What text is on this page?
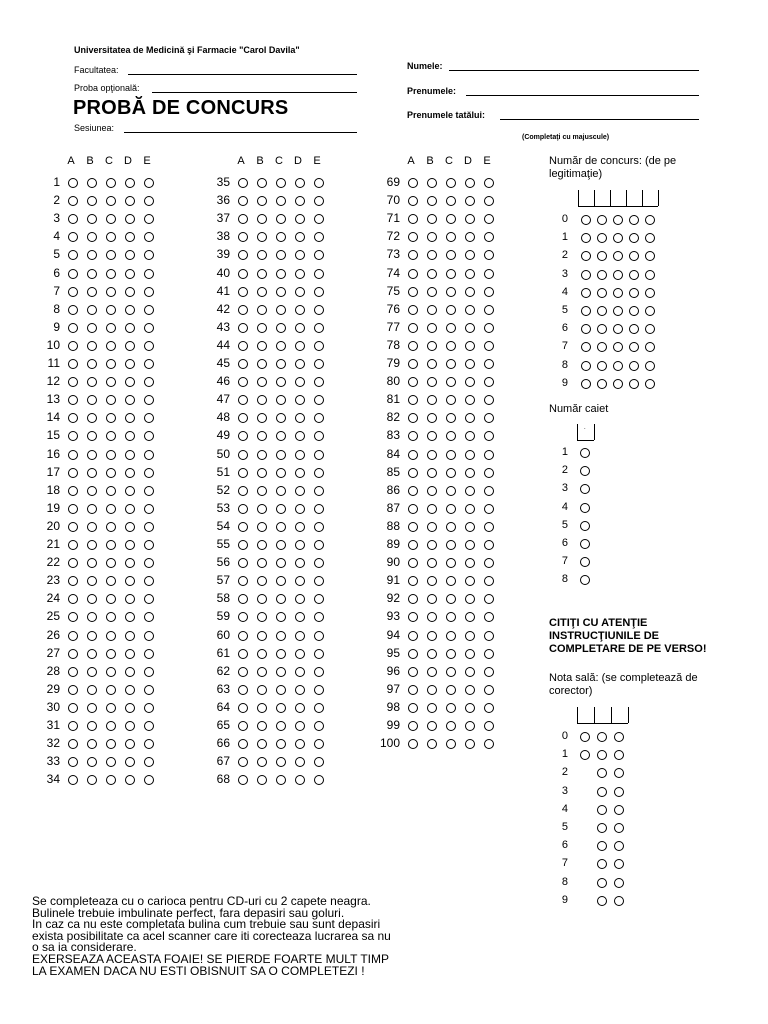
Universitatea de Medicină şi Farmacie "Carol Davila"
Facultatea:
Proba opţională:
PROBĂ DE CONCURS
Sesiunea:
Numele:
Prenumele:
Prenumele tatălui:
(Completaţi cu majuscule)
A	B	C D	E
1
2
3
4
5
6
7
8
9
10
11
12
13
14
15
16
17
18
19
20
21
22
23
24
25
26
27
28
29
30
31
32
33
34
A	B	C D	E
35
36
37
38
39
40
41
42
43
44
45
46
47
48
49
50
51
52
53
54
55
56
57
58
59
60
61
62
63
64
65
66
67
68
A	B	C D	E
69
70
71
72
73
74
75
76
77
78
79
80
81
82
83
84
85
86
87
88
89
90
91
92
93
94
95
96
97
98
99
100
Număr de concurs: (de pe legitimaţie)
0
1
2
3
4
5
6
7
8
9
Număr caiet
.
1
2
3
4
5
6
7
8
CITIŢI CU ATENŢIE INSTRUCŢIUNILE DE COMPLETARE DE PE VERSO!
Nota sală: (se completează de corector)
0
1
2
3
4
5
6
7
8
9
Se completeaza cu o carioca pentru CD-uri cu 2 capete neagra.
Bulinele trebuie imbulinate perfect, fara depasiri sau goluri.
In caz ca nu este completata bulina cum trebuie sau sunt depasiri
exista posibilitate ca acel scanner care iti corecteaza lucrarea sa nu
o sa ia considerare.
EXERSEAZA ACEASTA FOAIE! SE PIERDE FOARTE MULT TIMP
LA EXAMEN DACA NU ESTI OBISNUIT SA O COMPLETEZI !
